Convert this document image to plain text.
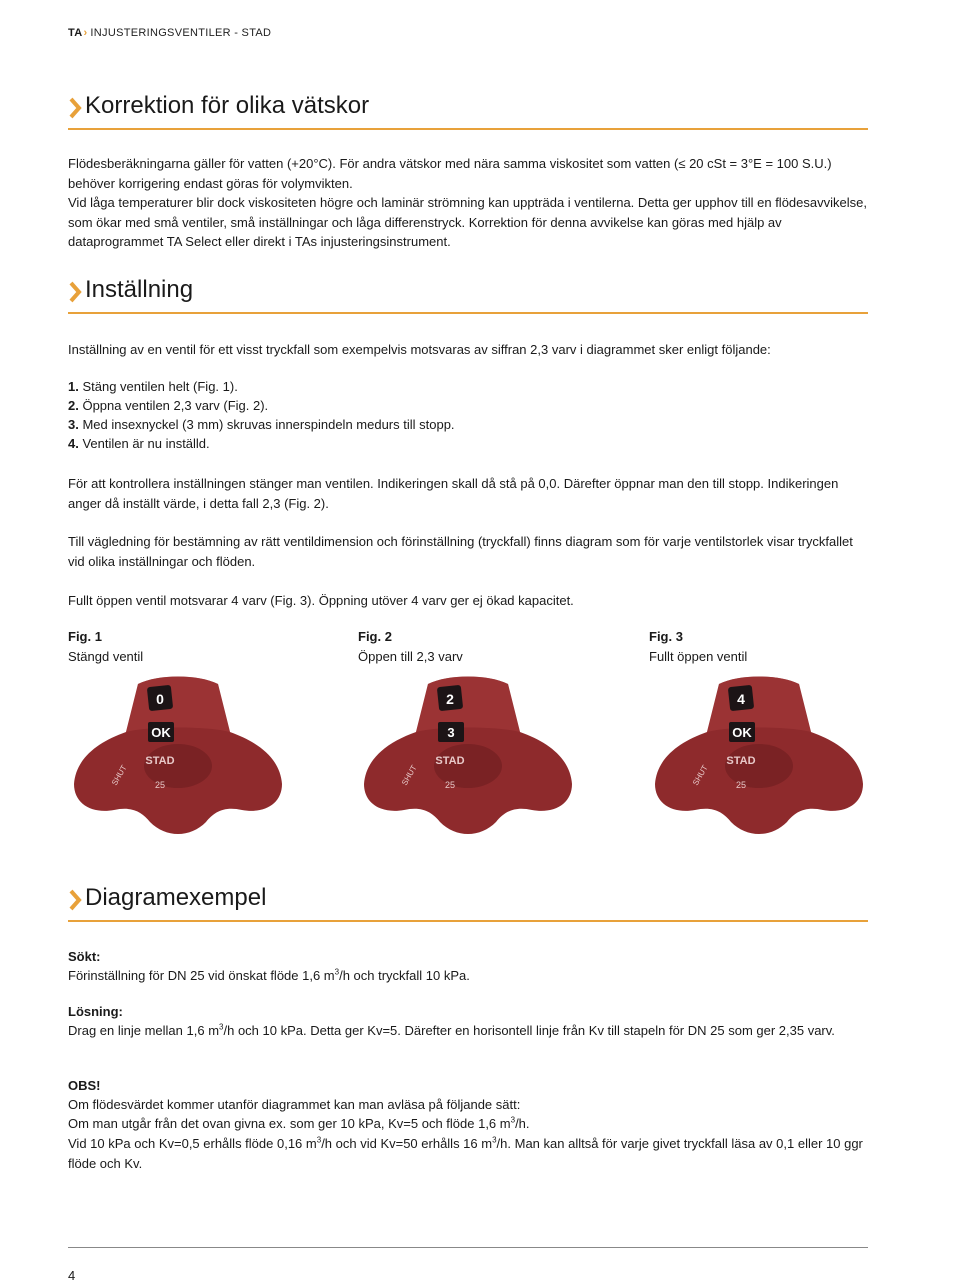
TA› INJUSTERINGSVENTILER - STAD
Korrektion för olika vätskor

Flödesberäkningarna gäller för vatten (+20°C). För andra vätskor med nära samma viskositet som vatten (≤ 20 cSt = 3°E = 100 S.U.) behöver korrigering endast göras för volymvikten.

Vid låga temperaturer blir dock viskositeten högre och laminär strömning kan uppträda i ventilerna. Detta ger upphov till en flödesavvikelse, som ökar med små ventiler, små inställningar och låga differenstryck. Korrektion för denna avvikelse kan göras med hjälp av dataprogrammet TA Select eller direkt i TAs injusteringsinstrument.

Inställning

Inställning av en ventil för ett visst tryckfall som exempelvis motsvaras av siffran 2,3 varv i diagrammet sker enligt följande:

1. Stäng ventilen helt (Fig. 1).

2. Öppna ventilen 2,3 varv (Fig. 2).

3. Med insexnyckel (3 mm) skruvas innerspindeln medurs till stopp.

4. Ventilen är nu inställd.

För att kontrollera inställningen stänger man ventilen. Indikeringen skall då stå på 0,0. Därefter öppnar man den till stopp. Indikeringen anger då inställt värde, i detta fall 2,3 (Fig. 2).

Till vägledning för bestämning av rätt ventildimension och förinställning (tryckfall) finns diagram som för varje ventilstorlek visar tryckfallet vid olika inställningar och flöden.

Fullt öppen ventil motsvarar 4 varv (Fig. 3). Öppning utöver 4 varv ger ej ökad kapacitet.

Fig. 1
Stängd ventil
Fig. 2
Öppen till 2,3 varv
Fig. 3
Fullt öppen ventil
0
OK
STAD
25
SHUT
2
3
STAD
25
SHUT
4
OK
STAD
25
SHUT
Diagramexempel

Sökt:

Förinställning för DN 25 vid önskat flöde 1,6 $m^3/h$ och tryckfall 10 kPa.

Lösning:

Drag en linje mellan 1,6 $m^3/h$ och 10 kPa. Detta ger Kv=5. Därefter en horisontell linje från Kv till stapeln för DN 25 som ger 2,35 varv.

OBS!

Om flödesvärdet kommer utanför diagrammet kan man avläsa på följande sätt:

Om man utgår från det ovan givna ex. som ger 10 kPa, Kv=5 och flöde 1,6 $m^3/h$.

Vid 10 kPa och Kv=0,5 erhålls flöde 0,16 $m^3/h$ och vid Kv=50 erhålls 16 $m^3/h$. Man kan alltså för varje givet tryckfall läsa av 0,1 eller 10 ggr flöde och Kv.

4
